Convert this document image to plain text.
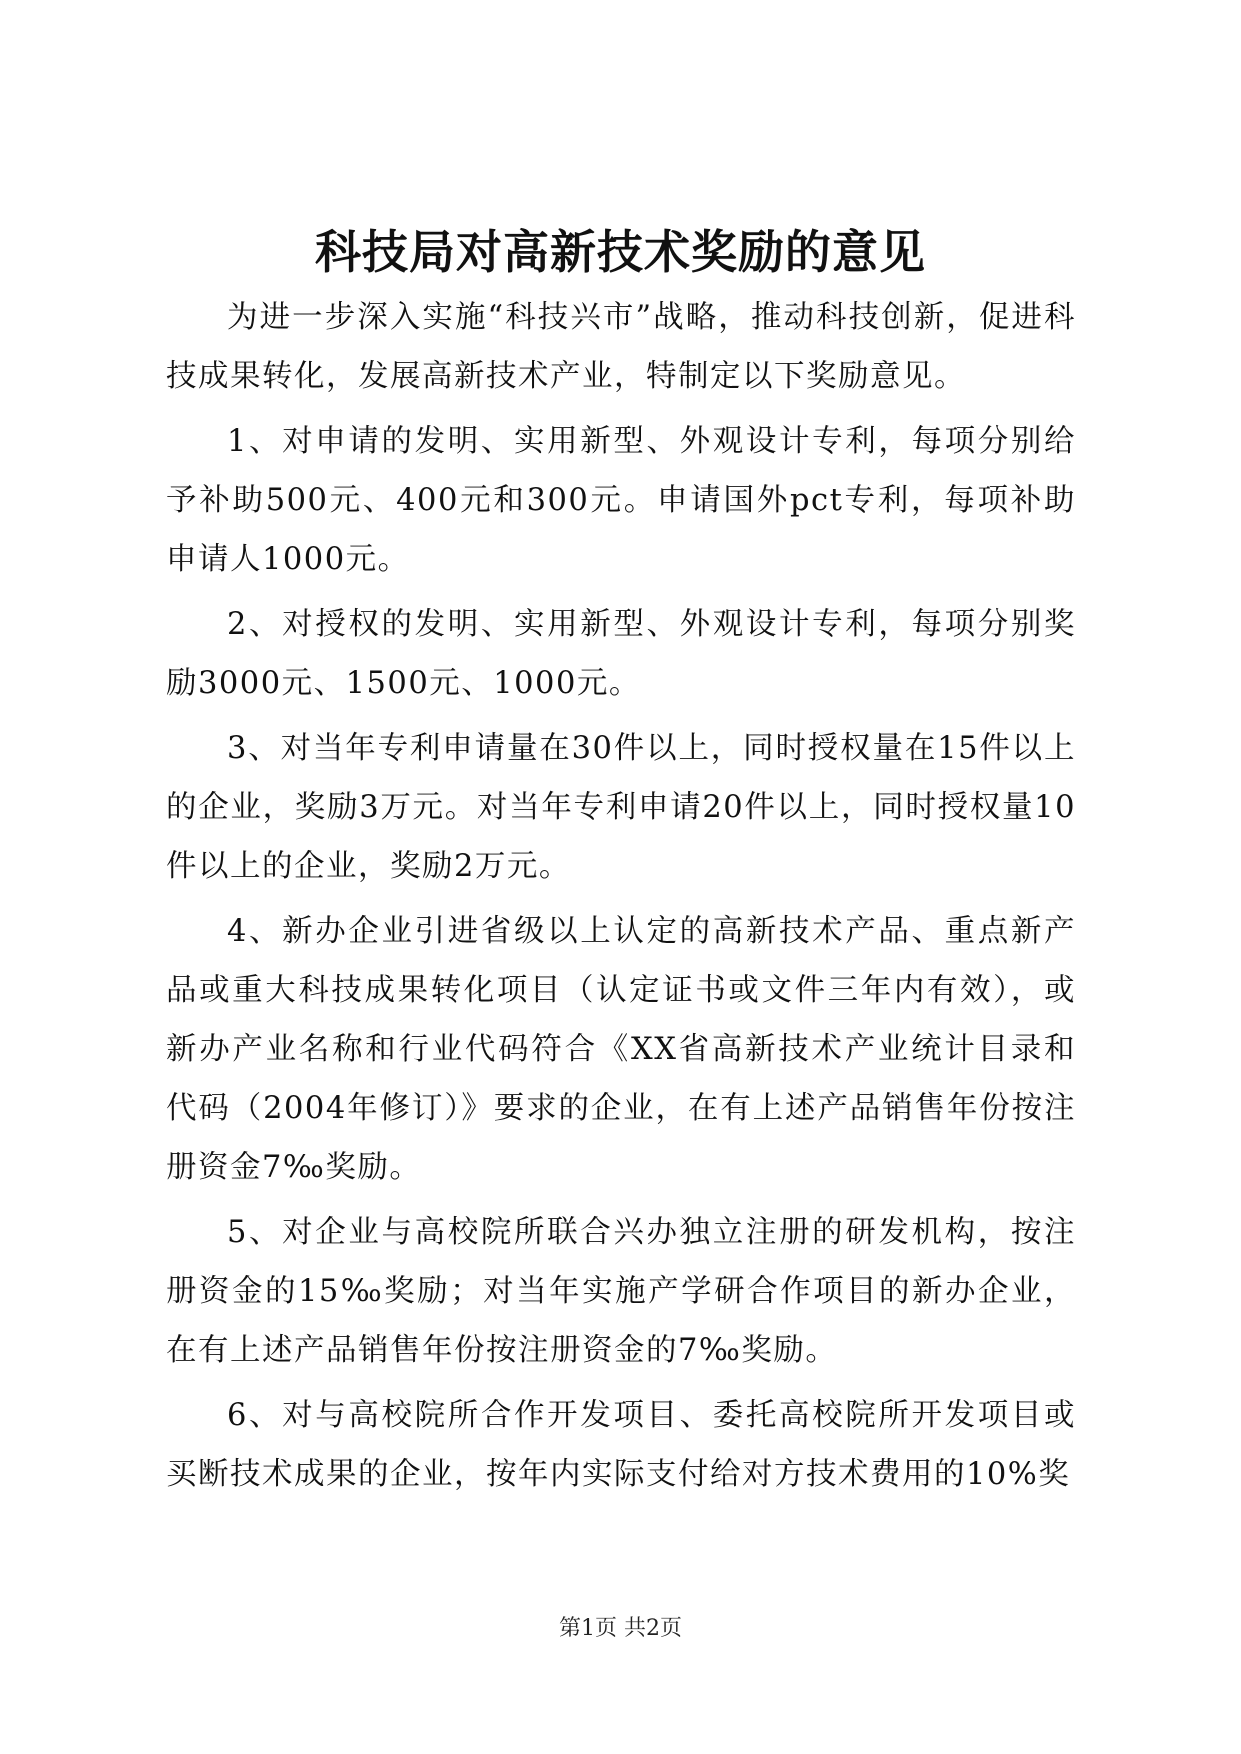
科技局对高新技术奖励的意见

为进一步深入实施“科技兴市”战略，推动科技创新，促进科技成果转化，发展高新技术产业，特制定以下奖励意见。

1、对申请的发明、实用新型、外观设计专利，每项分别给予补助500元、400元和300元。申请国外pct专利，每项补助申请人1000元。

2、对授权的发明、实用新型、外观设计专利，每项分别奖励3000元、1500元、1000元。

3、对当年专利申请量在30件以上，同时授权量在15件以上的企业，奖励3万元。对当年专利申请20件以上，同时授权量10件以上的企业，奖励2万元。

4、新办企业引进省级以上认定的高新技术产品、重点新产品或重大科技成果转化项目（认定证书或文件三年内有效），或新办产业名称和行业代码符合《XX省高新技术产业统计目录和代码（2004年修订）》要求的企业，在有上述产品销售年份按注册资金7‰奖励。

5、对企业与高校院所联合兴办独立注册的研发机构，按注册资金的15‰奖励；对当年实施产学研合作项目的新办企业，在有上述产品销售年份按注册资金的7‰奖励。

6、对与高校院所合作开发项目、委托高校院所开发项目或买断技术成果的企业，按年内实际支付给对方技术费用的10%奖

第1页 共2页
